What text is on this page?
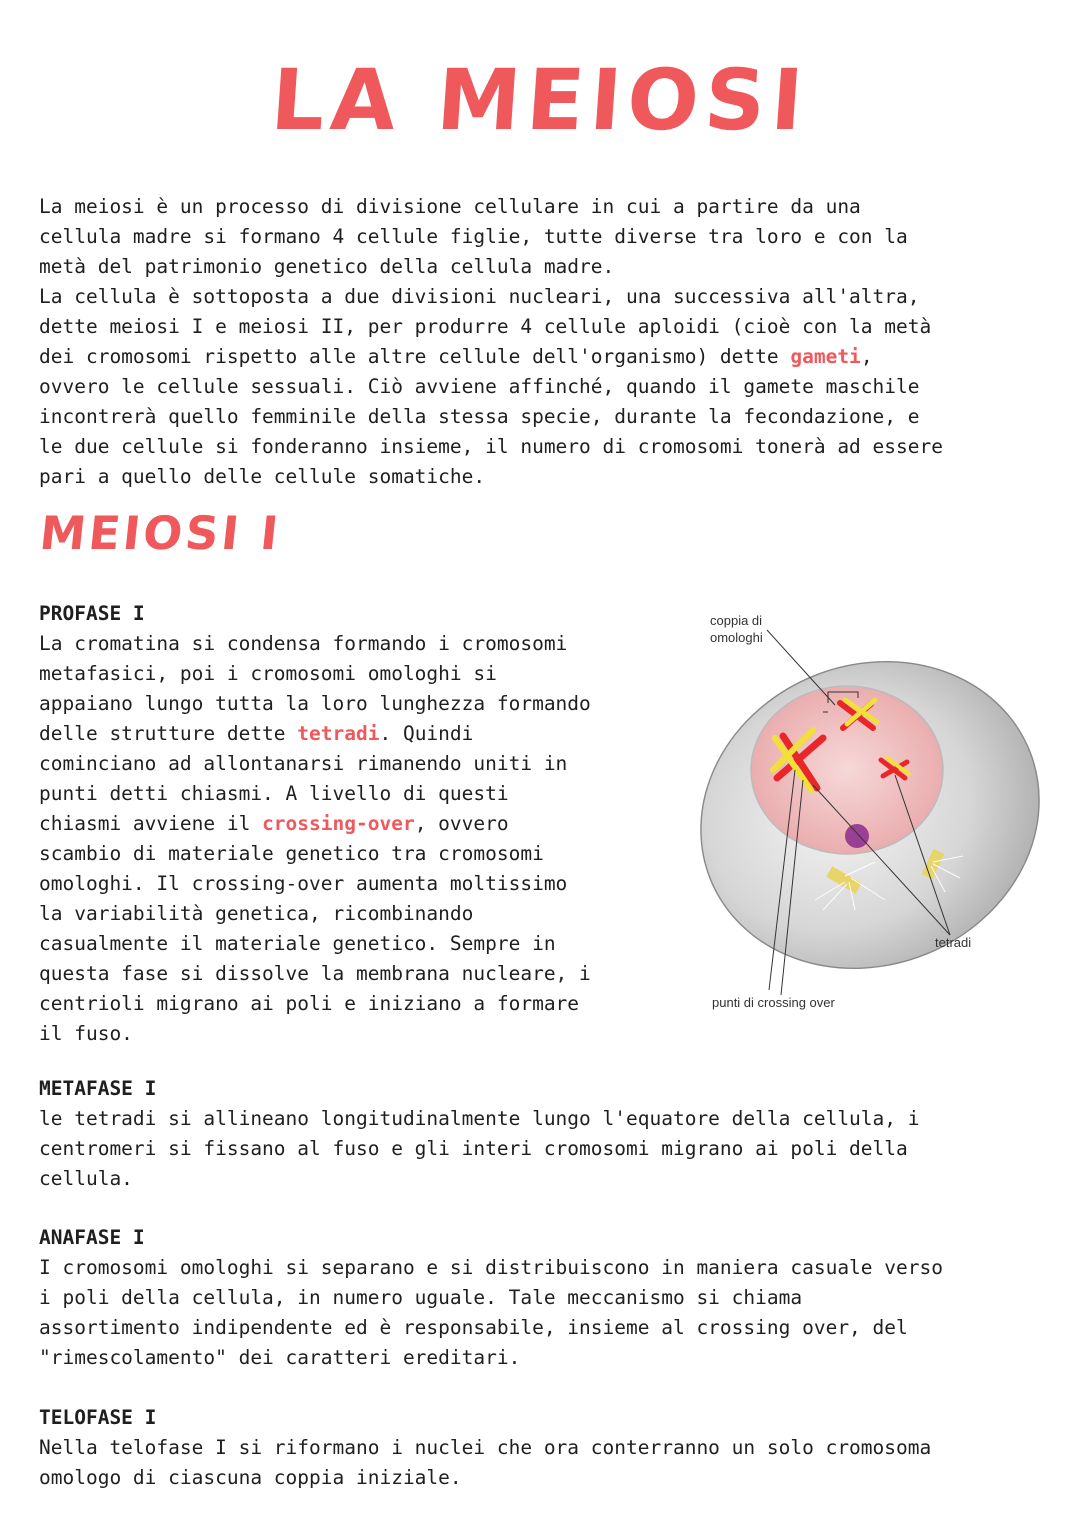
LA MEIOSI
La meiosi è un processo di divisione cellulare in cui a partire da una
cellula madre si formano 4 cellule figlie, tutte diverse tra loro e con la
metà del patrimonio genetico della cellula madre.
La cellula è sottoposta a due divisioni nucleari, una successiva all'altra,
dette meiosi I e meiosi II, per produrre 4 cellule aploidi (cioè con la metà
dei cromosomi rispetto alle altre cellule dell'organismo) dette gameti,
ovvero le cellule sessuali. Ciò avviene affinché, quando il gamete maschile
incontrerà quello femminile della stessa specie, durante la fecondazione, e
le due cellule si fonderanno insieme, il numero di cromosomi tonerà ad essere
pari a quello delle cellule somatiche.
MEIOSI I
PROFASE I
La cromatina si condensa formando i cromosomi
metafasici, poi i cromosomi omologhi si
appaiano lungo tutta la loro lunghezza formando
delle strutture dette tetradi. Quindi
cominciano ad allontanarsi rimanendo uniti in
punti detti chiasmi. A livello di questi
chiasmi avviene il crossing-over, ovvero
scambio di materiale genetico tra cromosomi
omologhi. Il crossing-over aumenta moltissimo
la variabilità genetica, ricombinando
casualmente il materiale genetico. Sempre in
questa fase si dissolve la membrana nucleare, i
centrioli migrano ai poli e iniziano a formare
il fuso.
coppia di
omologhi
tetradi
punti di crossing over
METAFASE I
le tetradi si allineano longitudinalmente lungo l'equatore della cellula, i
centromeri si fissano al fuso e gli interi cromosomi migrano ai poli della
cellula.
ANAFASE I
I cromosomi omologhi si separano e si distribuiscono in maniera casuale verso
i poli della cellula, in numero uguale. Tale meccanismo si chiama
assortimento indipendente ed è responsabile, insieme al crossing over, del
"rimescolamento" dei caratteri ereditari.
TELOFASE I
Nella telofase I si riformano i nuclei che ora conterranno un solo cromosoma
omologo di ciascuna coppia iniziale.
